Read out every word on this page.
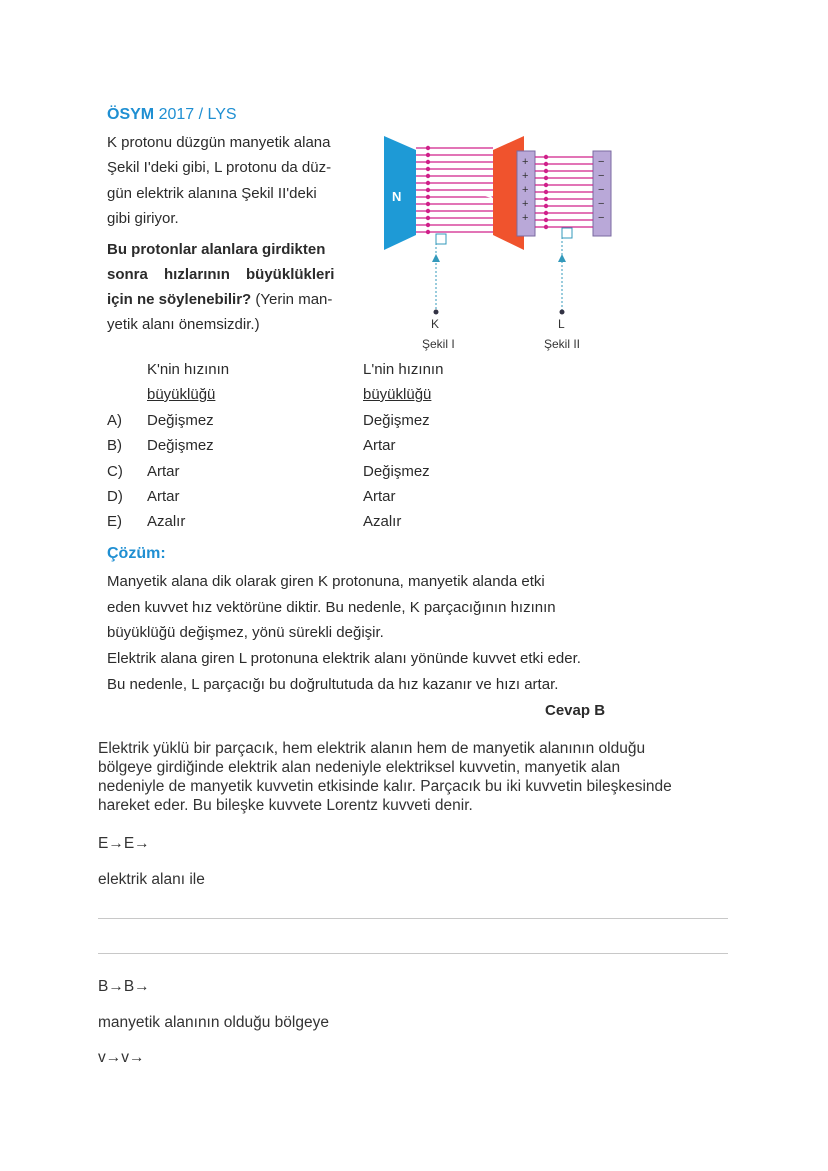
ÖSYM 2017 / LYS
K protonu düzgün manyetik alana
Şekil I'deki gibi, L protonu da düz-
gün elektrik alanına Şekil II'deki
gibi giriyor.
Bu protonlar alanlara girdikten
sonra hızlarının büyüklükleri
için ne söylenebilir? (Yerin man-
yetik alanı önemsizdir.)
N	S
K
Şekil I
+	−
+	−
+	−
+	−
+	−
L
Şekil II
K'nin hızının
büyüklüğü
L'nin hızının
büyüklüğü
A) Değişmez	Değişmez
B) Değişmez	Artar
C) Artar	Değişmez
D) Artar	Artar
E) Azalır	Azalır
Çözüm:
Manyetik alana dik olarak giren K protonuna, manyetik alanda etki
eden kuvvet hız vektörüne diktir. Bu nedenle, K parçacığının hızının
büyüklüğü değişmez, yönü sürekli değişir.
Elektrik alana giren L protonuna elektrik alanı yönünde kuvvet etki eder.
Bu nedenle, L parçacığı bu doğrultutuda da hız kazanır ve hızı artar.
Cevap B
Elektrik yüklü bir parçacık, hem elektrik alanın hem de manyetik alanının olduğu
bölgeye girdiğinde elektrik alan nedeniyle elektriksel kuvvetin, manyetik alan
nedeniyle de manyetik kuvvetin etkisinde kalır. Parçacık bu iki kuvvetin bileşkesinde
hareket eder. Bu bileşke kuvvete Lorentz kuvveti denir.
E→E→
elektrik alanı ile
B→B→
manyetik alanının olduğu bölgeye
v→v→
